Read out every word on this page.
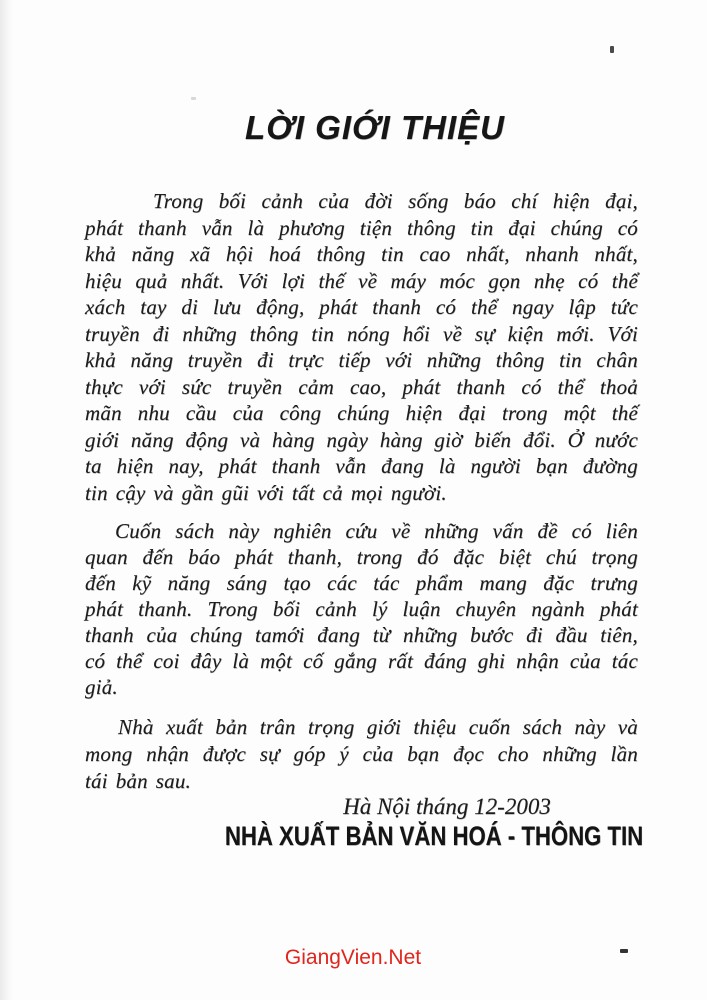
LỜI GIỚI THIỆU
Trong bối cảnh của đời sống báo chí hiện đại,
phát thanh vẫn là phương tiện thông tin đại chúng có
khả năng xã hội hoá thông tin cao nhất, nhanh nhất,
hiệu quả nhất. Với lợi thế về máy móc gọn nhẹ có thể
xách tay di lưu động, phát thanh có thể ngay lập tức
truyền đi những thông tin nóng hổi về sự kiện mới. Với
khả năng truyền đi trực tiếp với những thông tin chân
thực với sức truyền cảm cao, phát thanh có thể thoả
mãn nhu cầu của công chúng hiện đại trong một thế
giới năng động và hàng ngày hàng giờ biến đổi. Ở nước
ta hiện nay, phát thanh vẫn đang là người bạn đường
tin cậy và gần gũi với tất cả mọi người.
Cuốn sách này nghiên cứu về những vấn đề có liên
quan đến báo phát thanh, trong đó đặc biệt chú trọng
đến kỹ năng sáng tạo các tác phẩm mang đặc trưng
phát thanh. Trong bối cảnh lý luận chuyên ngành phát
thanh của chúng tamới đang từ những bước đi đầu tiên,
có thể coi đây là một cố gắng rất đáng ghi nhận của tác
giả.
Nhà xuất bản trân trọng giới thiệu cuốn sách này và
mong nhận được sự góp ý của bạn đọc cho những lần
tái bản sau.
Hà Nội tháng 12-2003
NHÀ XUẤT BẢN VĂN HOÁ - THÔNG TIN
GiangVien.Net
